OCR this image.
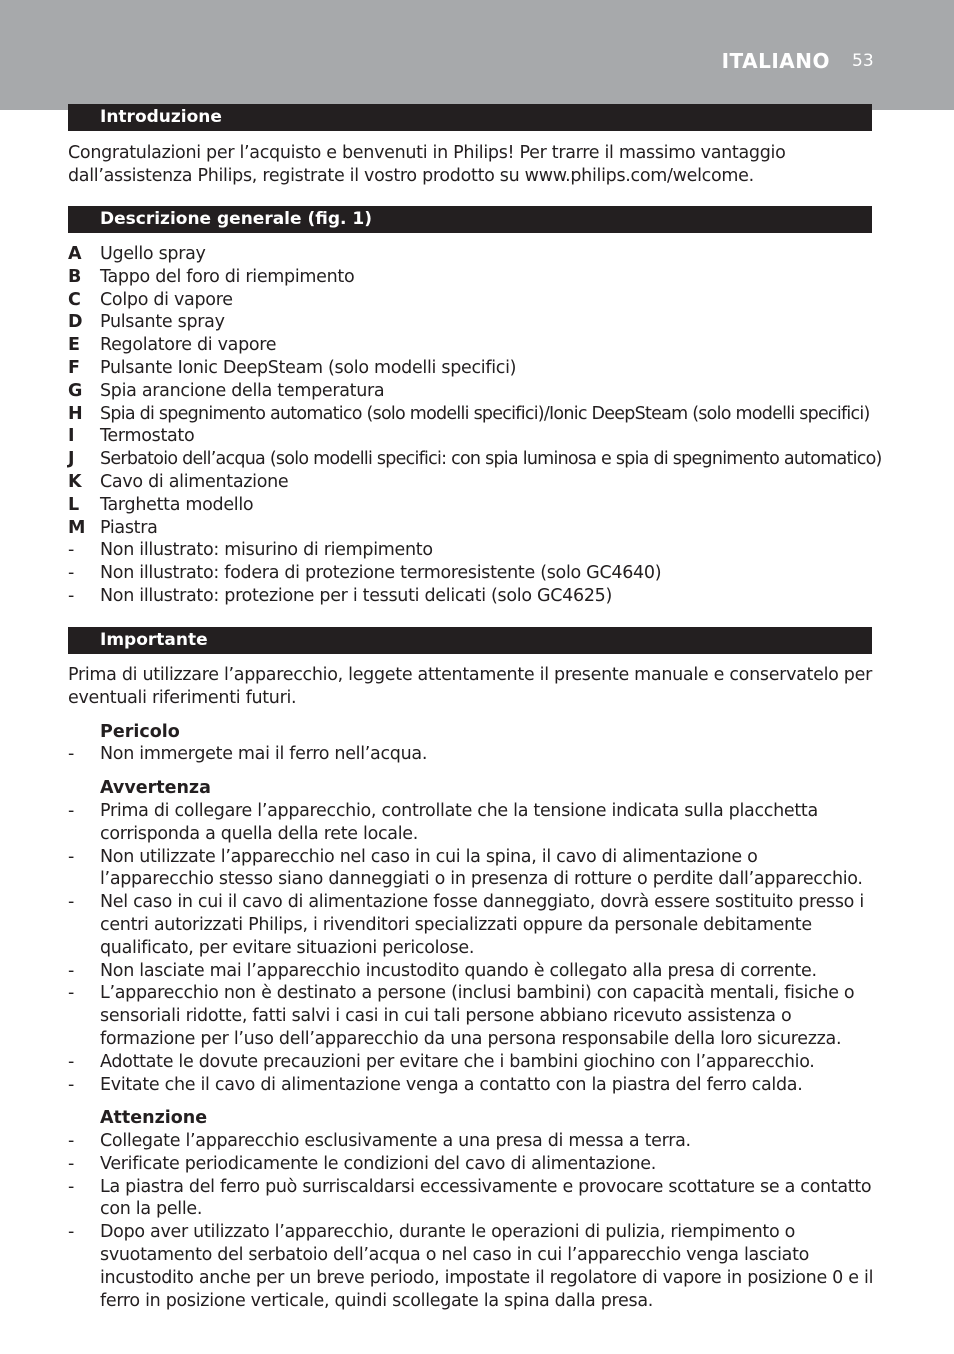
ITALIANO 53
Introduzione
Congratulazioni per l’acquisto e benvenuti in Philips! Per trarre il massimo vantaggio dall’assistenza Philips, registrate il vostro prodotto su www.philips.com/welcome.
Descrizione generale (fig. 1)
A	Ugello spray
B	Tappo del foro di riempimento
C	Colpo di vapore
D	Pulsante spray
E	Regolatore di vapore
F	Pulsante Ionic DeepSteam (solo modelli specifici)
G	Spia arancione della temperatura
H	Spia di spegnimento automatico (solo modelli specifici)/Ionic DeepSteam (solo modelli specifici)
I	Termostato
J	Serbatoio dell’acqua (solo modelli specifici: con spia luminosa e spia di spegnimento automatico)
K	Cavo di alimentazione
L	Targhetta modello
M Piastra
-	Non illustrato: misurino di riempimento
-	Non illustrato: fodera di protezione termoresistente (solo GC4640)
-	Non illustrato: protezione per i tessuti delicati (solo GC4625)
Importante
Prima di utilizzare l’apparecchio, leggete attentamente il presente manuale e conservatelo per eventuali riferimenti futuri.
Pericolo
-	Non immergete mai il ferro nell’acqua.
Avvertenza
-	Prima di collegare l’apparecchio, controllate che la tensione indicata sulla placchetta corrisponda a quella della rete locale.
-	Non utilizzate l’apparecchio nel caso in cui la spina, il cavo di alimentazione o l’apparecchio stesso siano danneggiati o in presenza di rotture o perdite dall’apparecchio.
-	Nel caso in cui il cavo di alimentazione fosse danneggiato, dovrà essere sostituito presso i centri autorizzati Philips, i rivenditori specializzati oppure da personale debitamente qualificato, per evitare situazioni pericolose.
-	Non lasciate mai l’apparecchio incustodito quando è collegato alla presa di corrente.
-	L’apparecchio non è destinato a persone (inclusi bambini) con capacità mentali, fisiche o sensoriali ridotte, fatti salvi i casi in cui tali persone abbiano ricevuto assistenza o formazione per l’uso dell’apparecchio da una persona responsabile della loro sicurezza.
-	Adottate le dovute precauzioni per evitare che i bambini giochino con l’apparecchio.
-	Evitate che il cavo di alimentazione venga a contatto con la piastra del ferro calda.
Attenzione
-	Collegate l’apparecchio esclusivamente a una presa di messa a terra.
-	Verificate periodicamente le condizioni del cavo di alimentazione.
-	La piastra del ferro può surriscaldarsi eccessivamente e provocare scottature se a contatto con la pelle.
-	Dopo aver utilizzato l’apparecchio, durante le operazioni di pulizia, riempimento o svuotamento del serbatoio dell’acqua o nel caso in cui l’apparecchio venga lasciato incustodito anche per un breve periodo, impostate il regolatore di vapore in posizione 0 e il ferro in posizione verticale, quindi scollegate la spina dalla presa.
